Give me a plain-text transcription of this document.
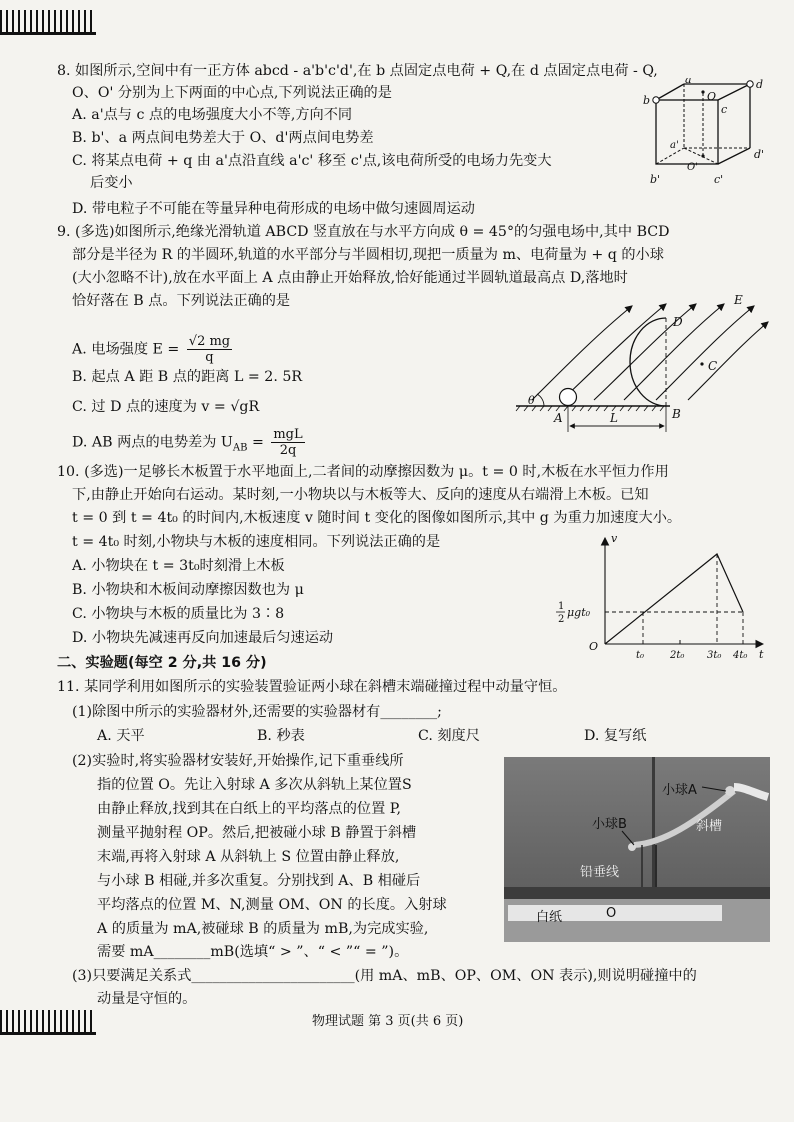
8. 如图所示,空间中有一正方体 abcd - a'b'c'd',在 b 点固定点电荷 + Q,在 d 点固定点电荷 - Q,
O、O' 分别为上下两面的中心点,下列说法正确的是
A. a'点与 c 点的电场强度大小不等,方向不同
B. b'、a 两点间电势差大于 O、d'两点间电势差
C. 将某点电荷 + q 由 a'点沿直线 a'c' 移至 c'点,该电荷所受的电场力先变大
后变小
D. 带电粒子不可能在等量异种电荷形成的电场中做匀速圆周运动
a
b
c
d
O
O'
a'
b'	c'
d'
9. (多选)如图所示,绝缘光滑轨道 ABCD 竖直放在与水平方向成 θ = 45°的匀强电场中,其中 BCD
部分是半径为 R 的半圆环,轨道的水平部分与半圆相切,现把一质量为 m、电荷量为 + q 的小球
(大小忽略不计),放在水平面上 A 点由静止开始释放,恰好能通过半圆轨道最高点 D,落地时
恰好落在 B 点。下列说法正确的是
A. 电场强度 $E = \frac{√2 mg}{q}$
B. 起点 A 距 B 点的距离 L = 2. 5R
C. 过 D 点的速度为 v = √gR
D. AB 两点的电势差为 $U_{AB}$ = mgL
2q
E
D
C
B
A	L
θ
10. (多选)一足够长木板置于水平地面上,二者间的动摩擦因数为 μ。t = 0 时,木板在水平恒力作用
下,由静止开始向右运动。某时刻,一小物块以与木板等大、反向的速度从右端滑上木板。已知
t = 0 到 t = 4t₀ 的时间内,木板速度 v 随时间 t 变化的图像如图所示,其中 g 为重力加速度大小。
t = 4t₀ 时刻,小物块与木板的速度相同。下列说法正确的是
A. 小物块在 t = 3t₀时刻滑上木板
B. 小物块和木板间动摩擦因数也为 μ
C. 小物块与木板的质量比为 3∶8
D. 小物块先减速再反向加速最后匀速运动
v
t
O
1
2
μgt₀
t₀	2t₀ 3t₀ 4t₀
二、实验题(每空 2 分,共 16 分)
11. 某同学利用如图所示的实验装置验证两小球在斜槽末端碰撞过程中动量守恒。
(1)除图中所示的实验器材外,还需要的实验器材有________;
A. 天平	B. 秒表	C. 刻度尺	D. 复写纸
(2)实验时,将实验器材安装好,开始操作,记下重垂线所
指的位置 O。先让入射球 A 多次从斜轨上某位置S
由静止释放,找到其在白纸上的平均落点的位置 P,
测量平抛射程 OP。然后,把被碰小球 B 静置于斜槽
末端,再将入射球 A 从斜轨上 S 位置由静止释放,
与小球 B 相碰,并多次重复。分别找到 A、B 相碰后
平均落点的位置 M、N,测量 OM、ON 的长度。入射球
A 的质量为 mA,被碰球 B 的质量为 mB,为完成实验,
需要 mA________mB(选填“ > ”、“ < ”“ = ”)。
(3)只要满足关系式_______________________(用 mA、mB、OP、OM、ON 表示),则说明碰撞中的
动量是守恒的。
小球A
小球B	斜槽
铅垂线
白纸	O
物理试题 第 3 页(共 6 页)
